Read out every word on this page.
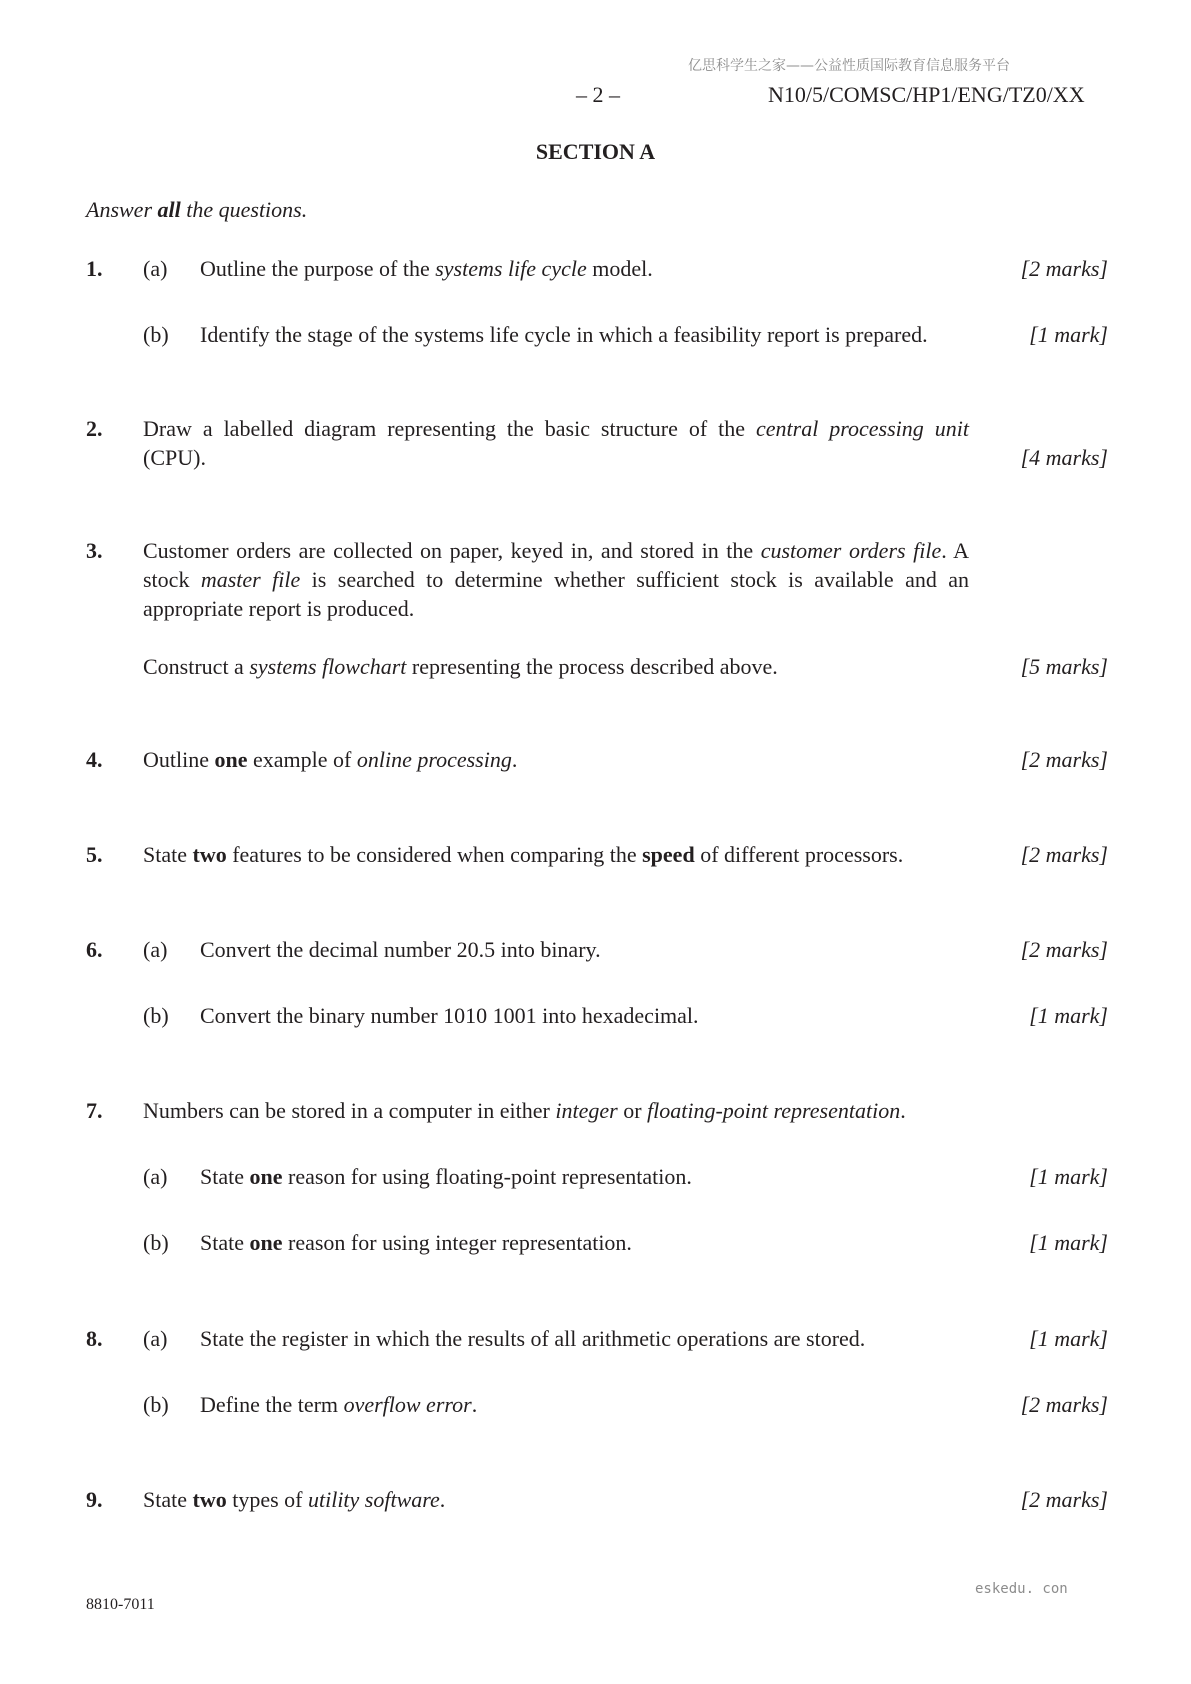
亿思科学生之家——公益性质国际教育信息服务平台
– 2 –	N10/5/COMSC/HP1/ENG/TZ0/XX
SECTION A
Answer all the questions.
1. (a) Outline the purpose of the systems life cycle model.	[2 marks]
(b) Identify the stage of the systems life cycle in which a feasibility report is prepared.	[1 mark]
2. Draw a labelled diagram representing the basic structure of the central processing unit (CPU).	[4 marks]
3. Customer orders are collected on paper, keyed in, and stored in the customer orders file. A stock master file is searched to determine whether sufficient stock is available and an appropriate report is produced.
Construct a systems flowchart representing the process described above.	[5 marks]
4. Outline one example of online processing.	[2 marks]
5. State two features to be considered when comparing the speed of different processors.	[2 marks]
6. (a) Convert the decimal number 20.5 into binary.	[2 marks]
(b) Convert the binary number 1010 1001 into hexadecimal.	[1 mark]
7. Numbers can be stored in a computer in either integer or floating-point representation.
(a) State one reason for using floating-point representation.	[1 mark]
(b) State one reason for using integer representation.	[1 mark]
8. (a) State the register in which the results of all arithmetic operations are stored.	[1 mark]
(b) Define the term overflow error.	[2 marks]
9. State two types of utility software.	[2 marks]
eskedu. con
8810-7011
